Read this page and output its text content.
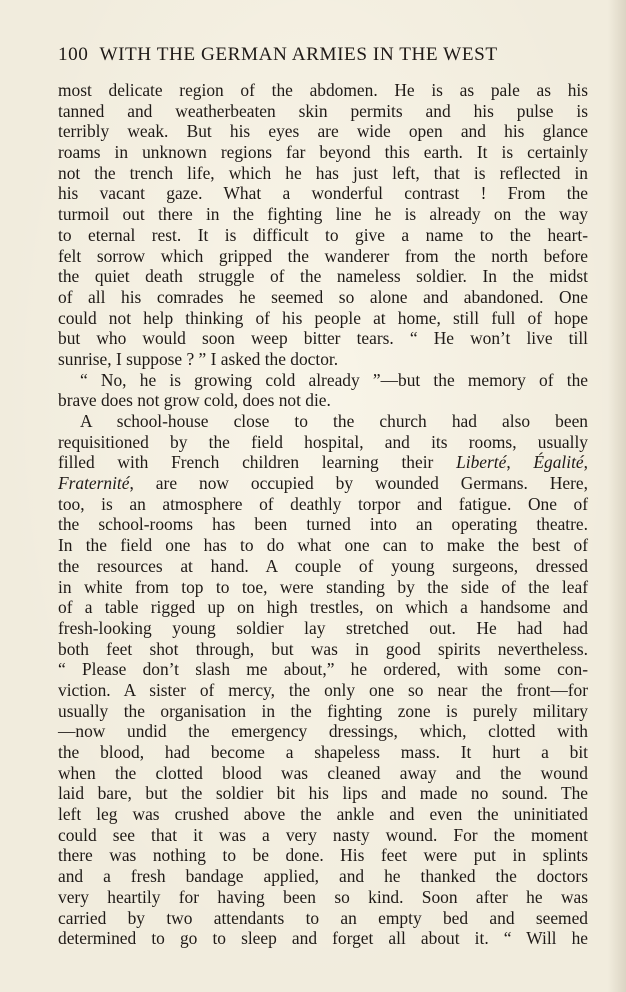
100 WITH THE GERMAN ARMIES IN THE WEST
most delicate region of the abdomen. He is as pale as his
tanned and weatherbeaten skin permits and his pulse is
terribly weak. But his eyes are wide open and his glance
roams in unknown regions far beyond this earth. It is certainly
not the trench life, which he has just left, that is reflected in
his vacant gaze. What a wonderful contrast ! From the
turmoil out there in the fighting line he is already on the way
to eternal rest. It is difficult to give a name to the heart-
felt sorrow which gripped the wanderer from the north before
the quiet death struggle of the nameless soldier. In the midst
of all his comrades he seemed so alone and abandoned. One
could not help thinking of his people at home, still full of hope
but who would soon weep bitter tears. “ He won’t live till
sunrise, I suppose ? ” I asked the doctor.
“ No, he is growing cold already ”—but the memory of the
brave does not grow cold, does not die.
A school-house close to the church had also been
requisitioned by the field hospital, and its rooms, usually
filled with French children learning their Liberté, Égalité,
Fraternité, are now occupied by wounded Germans. Here,
too, is an atmosphere of deathly torpor and fatigue. One of
the school-rooms has been turned into an operating theatre.
In the field one has to do what one can to make the best of
the resources at hand. A couple of young surgeons, dressed
in white from top to toe, were standing by the side of the leaf
of a table rigged up on high trestles, on which a handsome and
fresh-looking young soldier lay stretched out. He had had
both feet shot through, but was in good spirits nevertheless.
“ Please don’t slash me about,” he ordered, with some con-
viction. A sister of mercy, the only one so near the front—for
usually the organisation in the fighting zone is purely military
—now undid the emergency dressings, which, clotted with
the blood, had become a shapeless mass. It hurt a bit
when the clotted blood was cleaned away and the wound
laid bare, but the soldier bit his lips and made no sound. The
left leg was crushed above the ankle and even the uninitiated
could see that it was a very nasty wound. For the moment
there was nothing to be done. His feet were put in splints
and a fresh bandage applied, and he thanked the doctors
very heartily for having been so kind. Soon after he was
carried by two attendants to an empty bed and seemed
determined to go to sleep and forget all about it. “ Will he
